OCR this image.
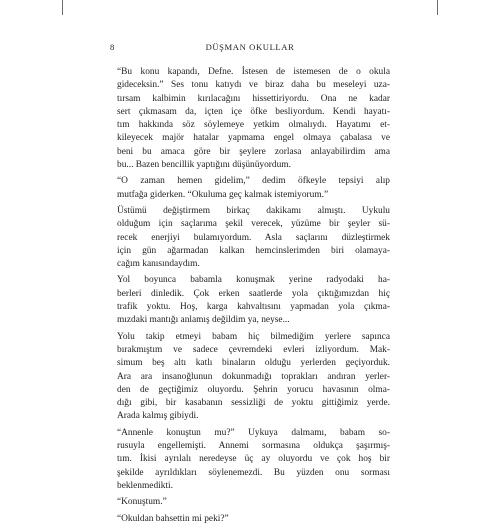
8	DÜŞMAN OKULLAR
“Bu konu kapandı, Defne. İstesen de istemesen de o okula
gideceksin.” Ses tonu katıydı ve biraz daha bu meseleyi uza-
tırsam kalbimin kırılacağını hissettiriyordu. Ona ne kadar
sert çıkmasam da, içten içe öfke besliyordum. Kendi hayatı-
tım hakkında söz söylemeye yetkim olmalıydı. Hayatımı et-
kileyecek majör hatalar yapmama engel olmaya çabalasa ve
beni bu amaca göre bir şeylere zorlasa anlayabilirdim ama
bu... Bazen bencillik yaptığını düşünüyordum.
“O zaman hemen gidelim,” dedim öfkeyle tepsiyi alıp
mutfağa giderken. “Okuluma geç kalmak istemiyorum.”
Üstümü değiştirmem birkaç dakikamı almıştı. Uykulu
olduğum için saçlarıma şekil verecek, yüzüme bir şeyler sü-
recek enerjiyi bulamıyordum. Asla saçlarını düzleştirmek
için gün ağarmadan kalkan hemcinslerimden biri olamaya-
cağım kanısındaydım.
Yol boyunca babamla konuşmak yerine radyodaki ha-
berleri dinledik. Çok erken saatlerde yola çıktığımızdan hiç
trafik yoktu. Hoş, karga kahvaltısını yapmadan yola çıkma-
mızdaki mantığı anlamış değildim ya, neyse...
Yolu takip etmeyi babam hiç bilmediğim yerlere sapınca
bırakmıştım ve sadece çevremdeki evleri izliyordum. Mak-
simum beş altı katlı binaların olduğu yerlerden geçiyorduk.
Ara ara insanoğlunun dokunmadığı toprakları andıran yerler-
den de geçtiğimiz oluyordu. Şehrin yorucu havasının olma-
dığı gibi, bir kasabanın sessizliği de yoktu gittiğimiz yerde.
Arada kalmış gibiydi.
“Annenle konuştun mu?” Uykuya dalmamı, babam so-
rusuyla engellemişti. Annemi sormasına oldukça şaşırmış-
tım. İkisi ayrılalı neredeyse üç ay oluyordu ve çok hoş bir
şekilde ayrıldıkları söylenemezdi. Bu yüzden onu sorması
beklenmedikti.
“Konuştum.”
“Okuldan bahsettin mi peki?”
